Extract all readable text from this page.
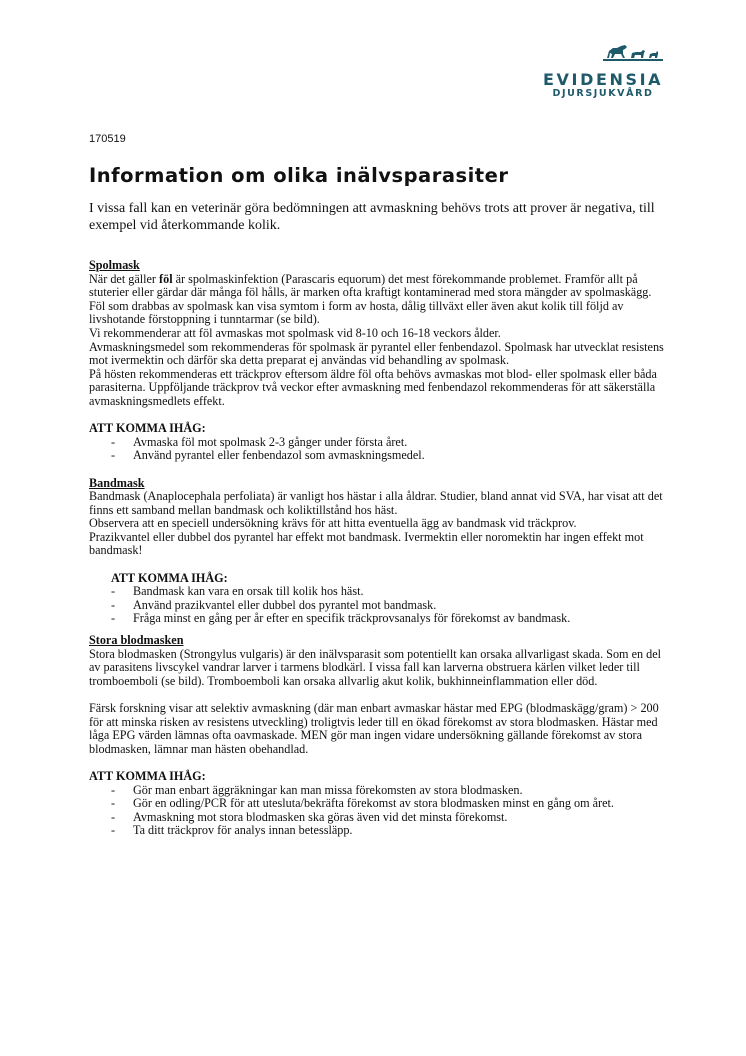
EVIDENSIA
DJURSJUKVÅRD
170519
Information om olika inälvsparasiter
I vissa fall kan en veterinär göra bedömningen att avmaskning behövs trots att prover är negativa, till exempel vid återkommande kolik.
Spolmask

När det gäller föl är spolmaskinfektion (Parascaris equorum) det mest förekommande problemet. Framför allt på stuterier eller gärdar där många föl hålls, är marken ofta kraftigt kontaminerad med stora mängder av spolmaskägg. Föl som drabbas av spolmask kan visa symtom i form av hosta, dålig tillväxt eller även akut kolik till följd av livshotande förstoppning i tunntarmar (se bild).

Vi rekommenderar att föl avmaskas mot spolmask vid 8-10 och 16-18 veckors ålder.

Avmaskningsmedel som rekommenderas för spolmask är pyrantel eller fenbendazol. Spolmask har utvecklat resistens mot ivermektin och därför ska detta preparat ej användas vid behandling av spolmask.

På hösten rekommenderas ett träckprov eftersom äldre föl ofta behövs avmaskas mot blod- eller spolmask eller båda parasiterna. Uppföljande träckprov två veckor efter avmaskning med fenbendazol rekommenderas för att säkerställa avmaskningsmedlets effekt.

ATT KOMMA IHÅG:

- Avmaska föl mot spolmask 2-3 gånger under första året.
- Använd pyrantel eller fenbendazol som avmaskningsmedel.
Bandmask

Bandmask (Anaplocephala perfoliata) är vanligt hos hästar i alla åldrar. Studier, bland annat vid SVA, har visat att det finns ett samband mellan bandmask och koliktillstånd hos häst.

Observera att en speciell undersökning krävs för att hitta eventuella ägg av bandmask vid träckprov.

Prazikvantel eller dubbel dos pyrantel har effekt mot bandmask. Ivermektin eller noromektin har ingen effekt mot bandmask!

ATT KOMMA IHÅG:

- Bandmask kan vara en orsak till kolik hos häst.
- Använd prazikvantel eller dubbel dos pyrantel mot bandmask.
- Fråga minst en gång per år efter en specifik träckprovsanalys för förekomst av bandmask.
Stora blodmasken

Stora blodmasken (Strongylus vulgaris) är den inälvsparasit som potentiellt kan orsaka allvarligast skada. Som en del av parasitens livscykel vandrar larver i tarmens blodkärl. I vissa fall kan larverna obstruera kärlen vilket leder till tromboemboli (se bild). Tromboemboli kan orsaka allvarlig akut kolik, bukhinneinflammation eller död.

Färsk forskning visar att selektiv avmaskning (där man enbart avmaskar hästar med EPG (blodmaskägg/gram) > 200 för att minska risken av resistens utveckling) troligtvis leder till en ökad förekomst av stora blodmasken. Hästar med låga EPG värden lämnas ofta oavmaskade. MEN gör man ingen vidare undersökning gällande förekomst av stora blodmasken, lämnar man hästen obehandlad.

ATT KOMMA IHÅG:

- Gör man enbart äggräkningar kan man missa förekomsten av stora blodmasken.
- Gör en odling/PCR för att utesluta/bekräfta förekomst av stora blodmasken minst en gång om året.
- Avmaskning mot stora blodmasken ska göras även vid det minsta förekomst.
- Ta ditt träckprov för analys innan betessläpp.
